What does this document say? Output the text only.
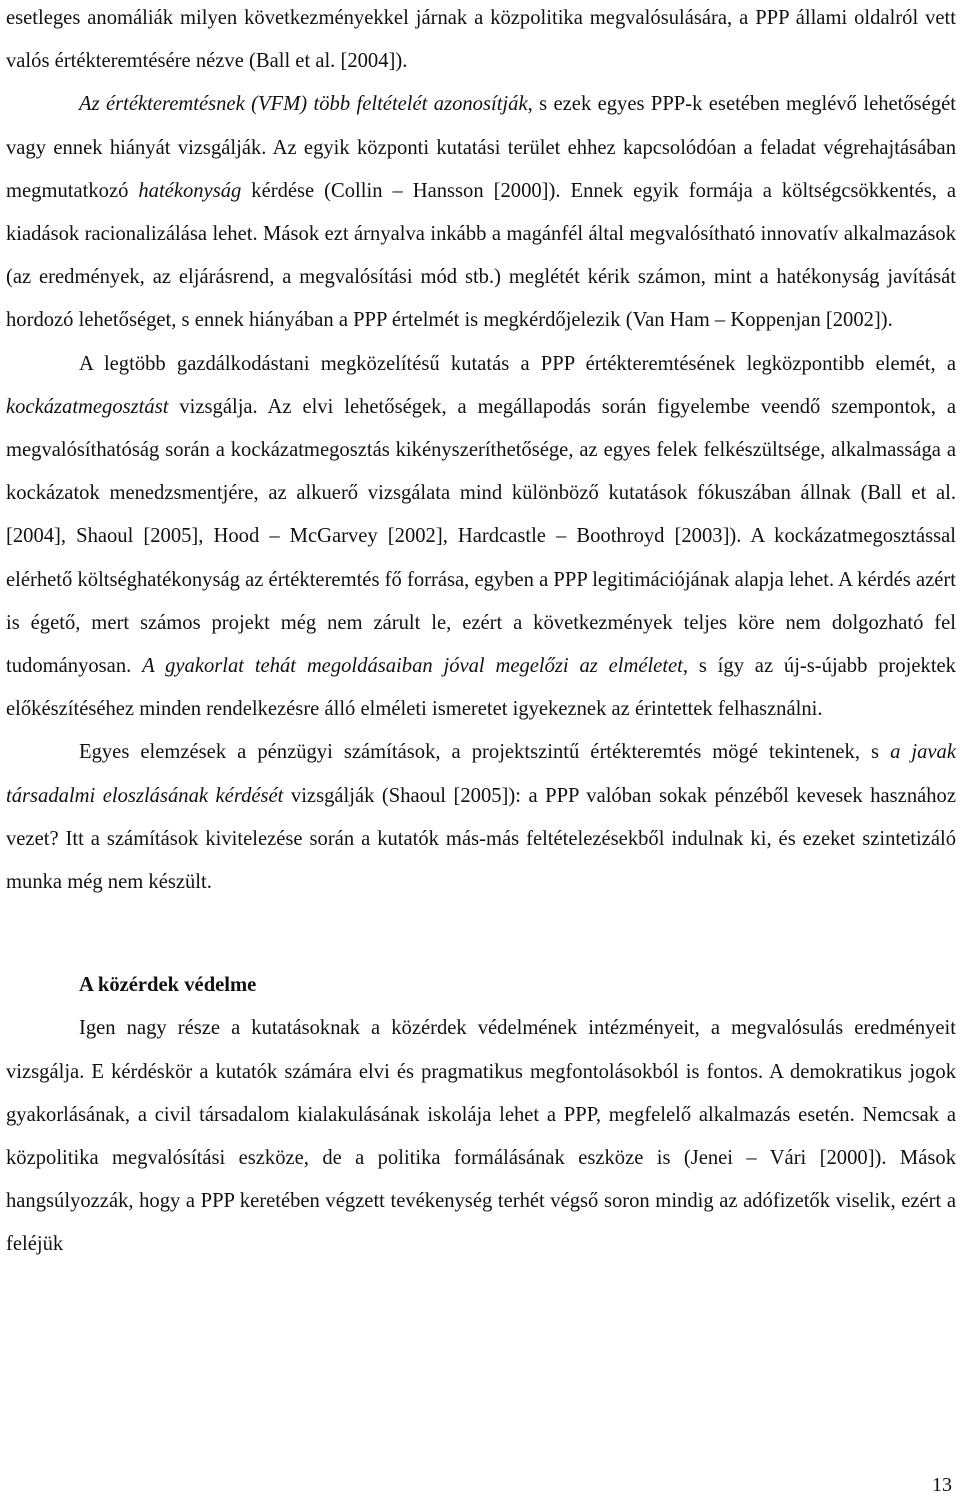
esetleges anomáliák milyen következményekkel járnak a közpolitika megvalósulására, a PPP állami oldalról vett valós értékteremtésére nézve (Ball et al. [2004]).

Az értékteremtésnek (VFM) több feltételét azonosítják, s ezek egyes PPP-k esetében meglévő lehetőségét vagy ennek hiányát vizsgálják. Az egyik központi kutatási terület ehhez kapcsolódóan a feladat végrehajtásában megmutatkozó hatékonyság kérdése (Collin – Hansson [2000]). Ennek egyik formája a költségcsökkentés, a kiadások racionalizálása lehet. Mások ezt árnyalva inkább a magánfél által megvalósítható innovatív alkalmazások (az eredmények, az eljárásrend, a megvalósítási mód stb.) meglétét kérik számon, mint a hatékonyság javítását hordozó lehetőséget, s ennek hiányában a PPP értelmét is megkérdőjelezik (Van Ham – Koppenjan [2002]).

A legtöbb gazdálkodástani megközelítésű kutatás a PPP értékteremtésének legközpontibb elemét, a kockázatmegosztást vizsgálja. Az elvi lehetőségek, a megállapodás során figyelembe veendő szempontok, a megvalósíthatóság során a kockázatmegosztás kikényszeríthetősége, az egyes felek felkészültsége, alkalmassága a kockázatok menedzsmentjére, az alkuerő vizsgálata mind különböző kutatások fókuszában állnak (Ball et al. [2004], Shaoul [2005], Hood – McGarvey [2002], Hardcastle – Boothroyd [2003]). A kockázatmegosztással elérhető költséghatékonyság az értékteremtés fő forrása, egyben a PPP legitimációjának alapja lehet. A kérdés azért is égető, mert számos projekt még nem zárult le, ezért a következmények teljes köre nem dolgozható fel tudományosan. A gyakorlat tehát megoldásaiban jóval megelőzi az elméletet, s így az új-s-újabb projektek előkészítéséhez minden rendelkezésre álló elméleti ismeretet igyekeznek az érintettek felhasználni.

Egyes elemzések a pénzügyi számítások, a projektszintű értékteremtés mögé tekintenek, s a javak társadalmi eloszlásának kérdését vizsgálják (Shaoul [2005]): a PPP valóban sokak pénzéből kevesek hasznához vezet? Itt a számítások kivitelezése során a kutatók más-más feltételezésekből indulnak ki, és ezeket szintetizáló munka még nem készült.

A közérdek védelme

Igen nagy része a kutatásoknak a közérdek védelmének intézményeit, a megvalósulás eredményeit vizsgálja. E kérdéskör a kutatók számára elvi és pragmatikus megfontolásokból is fontos. A demokratikus jogok gyakorlásának, a civil társadalom kialakulásának iskolája lehet a PPP, megfelelő alkalmazás esetén. Nemcsak a közpolitika megvalósítási eszköze, de a politika formálásának eszköze is (Jenei – Vári [2000]). Mások hangsúlyozzák, hogy a PPP keretében végzett tevékenység terhét végső soron mindig az adófizetők viselik, ezért a feléjük

13
